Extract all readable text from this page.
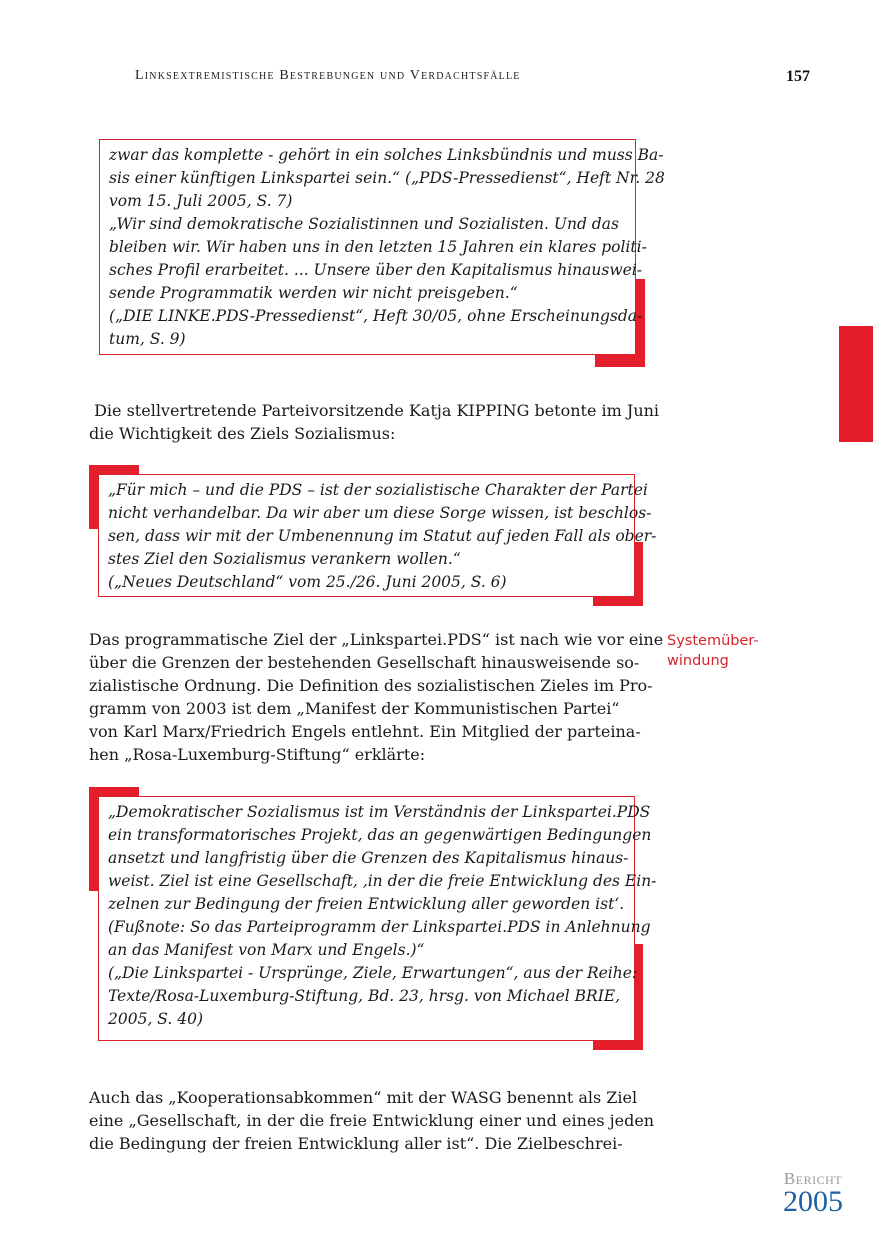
Linksextremistische Bestrebungen und Verdachtsfälle	157

zwar das komplette - gehört in ein solches Linksbündnis und muss Ba-

sis einer künftigen Linkspartei sein.“ („PDS-Pressedienst“, Heft Nr. 28

vom 15. Juli 2005, S. 7)

„Wir sind demokratische Sozialistinnen und Sozialisten. Und das

bleiben wir. Wir haben uns in den letzten 15 Jahren ein klares politi-

sches Profil erarbeitet. ... Unsere über den Kapitalismus hinauswei-

sende Programmatik werden wir nicht preisgeben.“

(„DIE LINKE.PDS-Pressedienst“, Heft 30/05, ohne Erscheinungsda-

tum, S. 9)

Die stellvertretende Parteivorsitzende Katja KIPPING betonte im Juni

die Wichtigkeit des Ziels Sozialismus:

„Für mich – und die PDS – ist der sozialistische Charakter der Partei

nicht verhandelbar. Da wir aber um diese Sorge wissen, ist beschlos-

sen, dass wir mit der Umbenennung im Statut auf jeden Fall als ober-

stes Ziel den Sozialismus verankern wollen.“

(„Neues Deutschland“ vom 25./26. Juni 2005, S. 6)

Das programmatische Ziel der „Linkspartei.PDS“ ist nach wie vor eine

über die Grenzen der bestehenden Gesellschaft hinausweisende so-

zialistische Ordnung. Die Definition des sozialistischen Zieles im Pro-

gramm von 2003 ist dem „Manifest der Kommunistischen Partei“

von Karl Marx/Friedrich Engels entlehnt. Ein Mitglied der parteina-

hen „Rosa-Luxemburg-Stiftung“ erklärte:

Systemüber-

windung

„Demokratischer Sozialismus ist im Verständnis der Linkspartei.PDS

ein transformatorisches Projekt, das an gegenwärtigen Bedingungen

ansetzt und langfristig über die Grenzen des Kapitalismus hinaus-

weist. Ziel ist eine Gesellschaft, ‚in der die freie Entwicklung des Ein-

zelnen zur Bedingung der freien Entwicklung aller geworden ist‘.

(Fußnote: So das Parteiprogramm der Linkspartei.PDS in Anlehnung

an das Manifest von Marx und Engels.)“

(„Die Linkspartei - Ursprünge, Ziele, Erwartungen“, aus der Reihe:

Texte/Rosa-Luxemburg-Stiftung, Bd. 23, hrsg. von Michael BRIE,

2005, S. 40)

Auch das „Kooperationsabkommen“ mit der WASG benennt als Ziel

eine „Gesellschaft, in der die freie Entwicklung einer und eines jeden

die Bedingung der freien Entwicklung aller ist“. Die Zielbeschrei-

Bericht
2005
